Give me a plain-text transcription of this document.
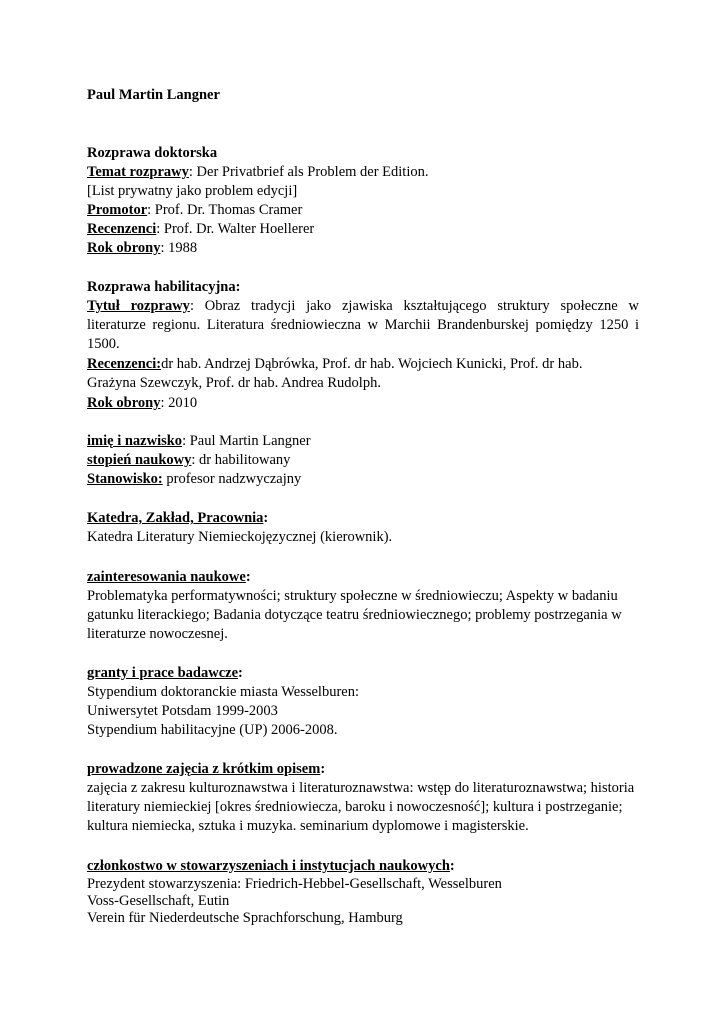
Paul Martin Langner
Rozprawa doktorska
Temat rozprawy: Der Privatbrief als Problem der Edition.
[List prywatny jako problem edycji]
Promotor: Prof. Dr. Thomas Cramer
Recenzenci: Prof. Dr. Walter Hoellerer
Rok obrony: 1988
Rozprawa habilitacyjna:
Tytuł rozprawy: Obraz tradycji jako zjawiska kształtującego struktury społeczne w
literaturze regionu. Literatura średniowieczna w Marchii Brandenburskej pomiędzy 1250 i
1500.
Recenzenci:dr hab. Andrzej Dąbrówka, Prof. dr hab. Wojciech Kunicki, Prof. dr hab.
Grażyna Szewczyk, Prof. dr hab. Andrea Rudolph.
Rok obrony: 2010
imię i nazwisko: Paul Martin Langner
stopień naukowy: dr habilitowany
Stanowisko: profesor nadzwyczajny
Katedra, Zakład, Pracownia:
Katedra Literatury Niemieckojęzycznej (kierownik).
zainteresowania naukowe:
Problematyka performatywności; struktury społeczne w średniowieczu; Aspekty w badaniu
gatunku literackiego; Badania dotyczące teatru średniowiecznego; problemy postrzegania w
literaturze nowoczesnej.
granty i prace badawcze:
Stypendium doktoranckie miasta Wesselburen:
Uniwersytet Potsdam 1999-2003
Stypendium habilitacyjne (UP) 2006-2008.
prowadzone zajęcia z krótkim opisem:
zajęcia z zakresu kulturoznawstwa i literaturoznawstwa: wstęp do literaturoznawstwa; historia
literatury niemieckiej [okres średniowiecza, baroku i nowoczesność]; kultura i postrzeganie;
kultura niemiecka, sztuka i muzyka. seminarium dyplomowe i magisterskie.
członkostwo w stowarzyszeniach i instytucjach naukowych:
Prezydent stowarzyszenia: Friedrich-Hebbel-Gesellschaft, Wesselburen
Voss-Gesellschaft, Eutin
Verein für Niederdeutsche Sprachforschung, Hamburg
